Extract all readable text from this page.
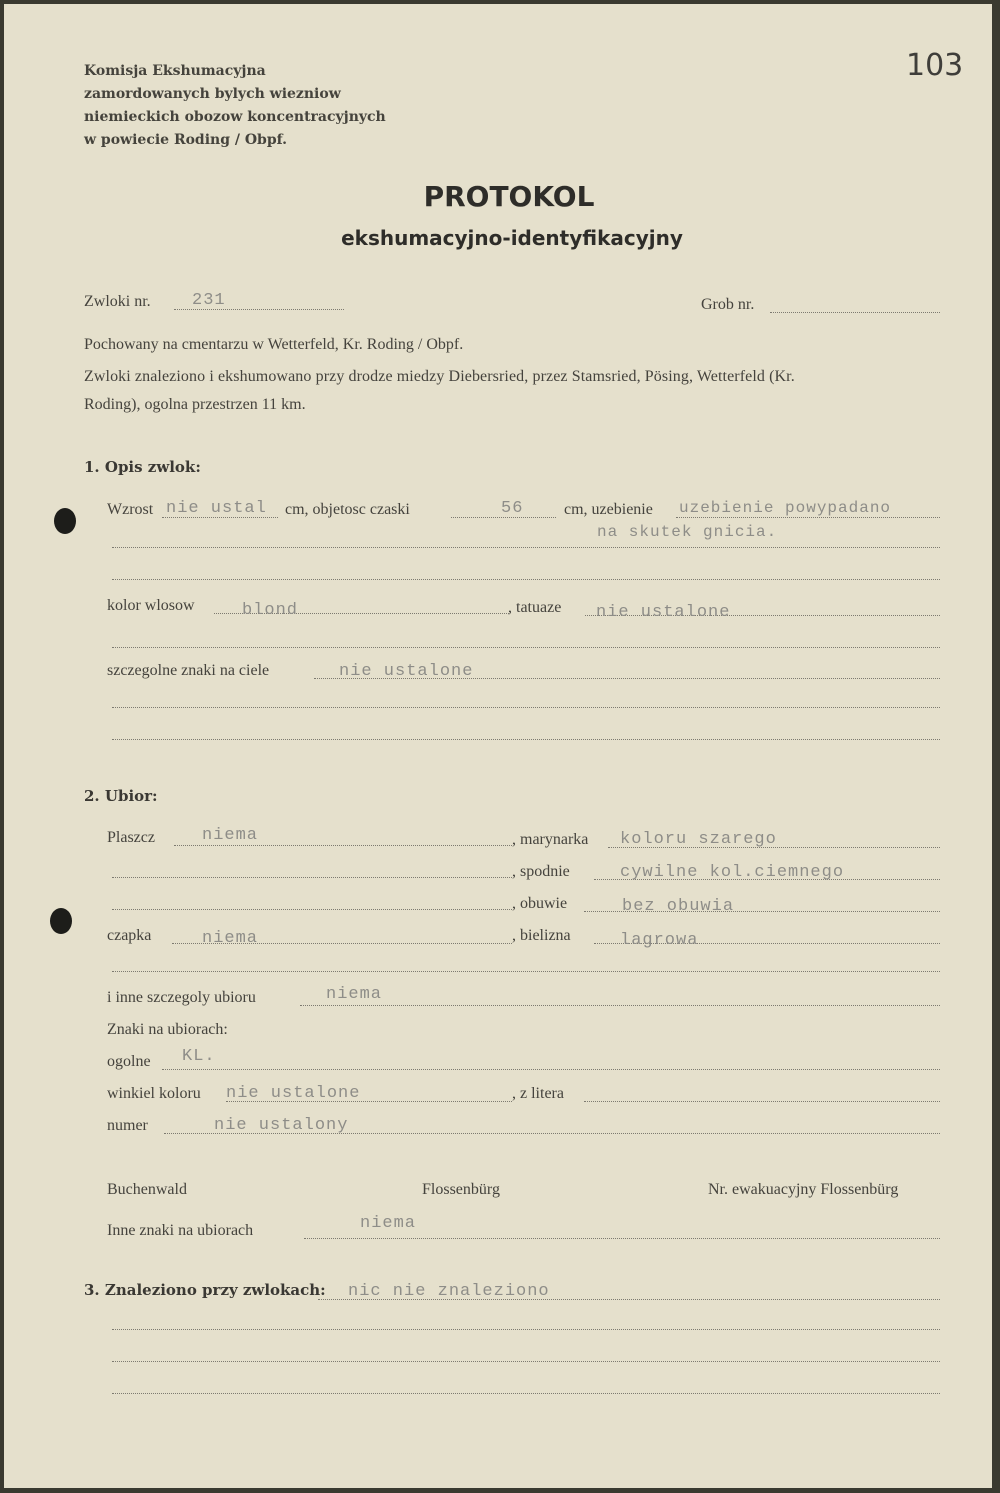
Komisja Ekshumacyjna
zamordowanych bylych wiezniow
niemieckich obozow koncentracyjnych
w powiecie Roding / Obpf.
103
PROTOKOL
ekshumacyjno-identyfikacyjny
Zwloki nr. 231	Grob nr.
Pochowany na cmentarzu w Wetterfeld, Kr. Roding / Obpf.
Zwloki znaleziono i ekshumowano przy drodze miedzy Diebersried, przez Stamsried, Pösing, Wetterfeld (Kr.
Roding), ogolna przestrzen 11 km.
1. Opis zwlok:
Wzrost nie ustal cm, objetosc czaski	56	cm, uzebienie uzebienie powypadano
na skutek gnicia.
kolor wlosow	blond	, tatuaze nie ustalone
szczegolne znaki na ciele	nie ustalone
2. Ubior:
Plaszcz	niema	, marynarka koloru szarego
, spodnie	cywilne kol.ciemnego
, obuwie	bez obuwia
czapka	niema	, bielizna	lagrowa
i inne szczegoly ubioru	niema
Znaki na ubiorach:
ogolne KL.
winkiel koloru nie ustalone	, z litera
numer	nie ustalony
Buchenwald	Flossenbürg	Nr. ewakuacyjny Flossenbürg
Inne znaki na ubiorach	niema
3. Znaleziono przy zwlokach: nic nie znaleziono
